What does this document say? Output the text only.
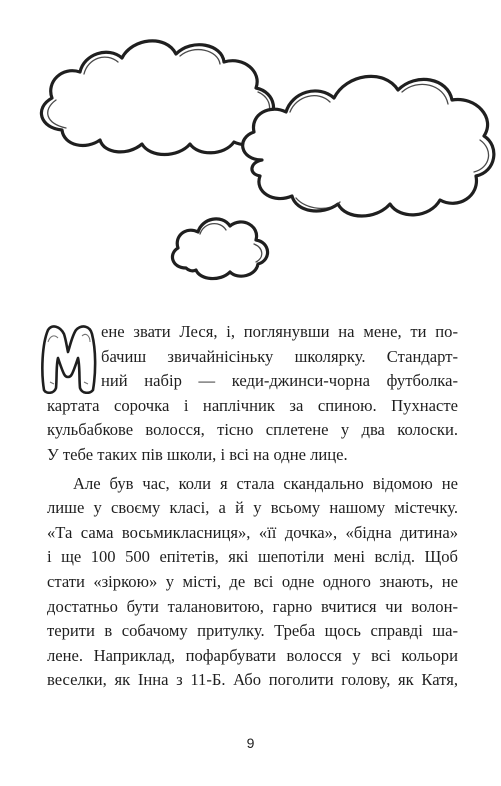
ене звати Леся, і, поглянувши на мене, ти по-
бачиш звичайнісіньку школярку. Стандарт-
ний набір — кеди-джинси-чорна футболка-
картата сорочка і наплічник за спиною. Пухнасте
кульбабкове волосся, тісно сплетене у два колоски.
У тебе таких пів школи, і всі на одне лице.

Але був час, коли я стала скандально відомою не
лише у своєму класі, а й у всьому нашому містечку.
«Та сама восьмикласниця», «її дочка», «бідна дитина»
і ще 100 500 епітетів, які шепотіли мені вслід. Щоб
стати «зіркою» у місті, де всі одне одного знають, не
достатньо бути талановитою, гарно вчитися чи волон-
терити в собачому притулку. Треба щось справді ша-
лене. Наприклад, пофарбувати волосся у всі кольори
веселки, як Інна з 11-Б. Або поголити голову, як Катя,

9
